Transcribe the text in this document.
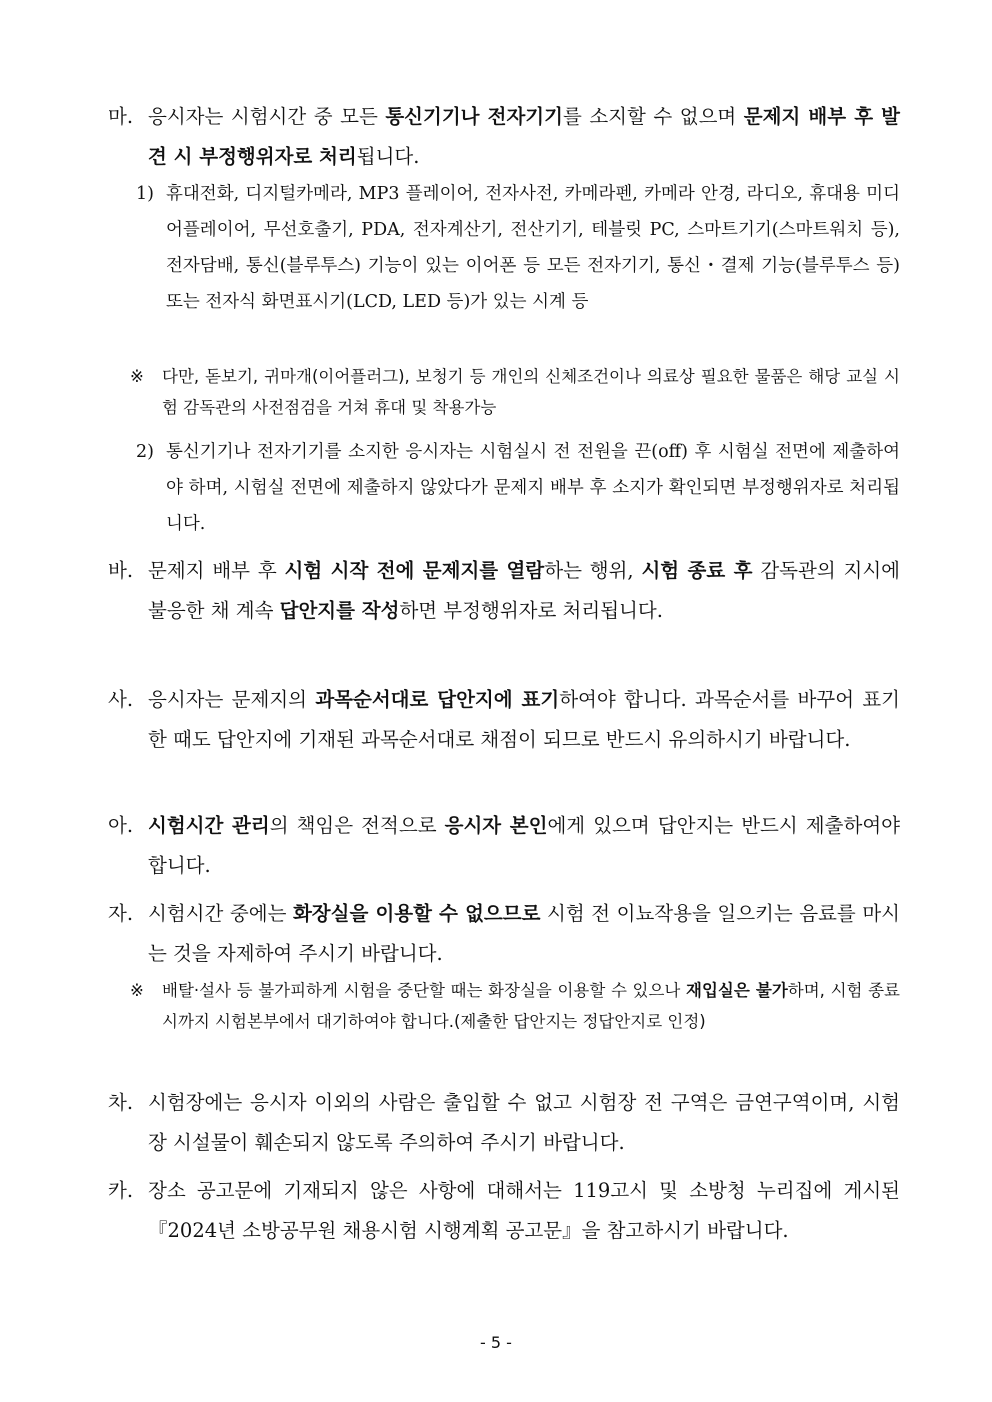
마. 응시자는 시험시간 중 모든 통신기기나 전자기기를 소지할 수 없으며 문제지 배부 후 발견 시 부정행위자로 처리됩니다.
1) 휴대전화, 디지털카메라, MP3 플레이어, 전자사전, 카메라펜, 카메라 안경, 라디오, 휴대용 미디어플레이어, 무선호출기, PDA, 전자계산기, 전산기기, 테블릿 PC, 스마트기기(스마트워치 등), 전자담배, 통신(블루투스) 기능이 있는 이어폰 등 모든 전자기기, 통신・결제 기능(블루투스 등) 또는 전자식 화면표시기(LCD, LED 등)가 있는 시계 등
※ 다만, 돋보기, 귀마개(이어플러그), 보청기 등 개인의 신체조건이나 의료상 필요한 물품은 해당 교실 시험 감독관의 사전점검을 거쳐 휴대 및 착용가능
2) 통신기기나 전자기기를 소지한 응시자는 시험실시 전 전원을 끈(off) 후 시험실 전면에 제출하여야 하며, 시험실 전면에 제출하지 않았다가 문제지 배부 후 소지가 확인되면 부정행위자로 처리됩니다.
바. 문제지 배부 후 시험 시작 전에 문제지를 열람하는 행위, 시험 종료 후 감독관의 지시에 불응한 채 계속 답안지를 작성하면 부정행위자로 처리됩니다.
사. 응시자는 문제지의 과목순서대로 답안지에 표기하여야 합니다. 과목순서를 바꾸어 표기한 때도 답안지에 기재된 과목순서대로 채점이 되므로 반드시 유의하시기 바랍니다.
아. 시험시간 관리의 책임은 전적으로 응시자 본인에게 있으며 답안지는 반드시 제출하여야 합니다.
자. 시험시간 중에는 화장실을 이용할 수 없으므로 시험 전 이뇨작용을 일으키는 음료를 마시는 것을 자제하여 주시기 바랍니다.
※ 배탈·설사 등 불가피하게 시험을 중단할 때는 화장실을 이용할 수 있으나 재입실은 불가하며, 시험 종료 시까지 시험본부에서 대기하여야 합니다.(제출한 답안지는 정답안지로 인정)
차. 시험장에는 응시자 이외의 사람은 출입할 수 없고 시험장 전 구역은 금연구역이며, 시험장 시설물이 훼손되지 않도록 주의하여 주시기 바랍니다.
카. 장소 공고문에 기재되지 않은 사항에 대해서는 119고시 및 소방청 누리집에 게시된『2024년 소방공무원 채용시험 시행계획 공고문』을 참고하시기 바랍니다.
- 5 -
